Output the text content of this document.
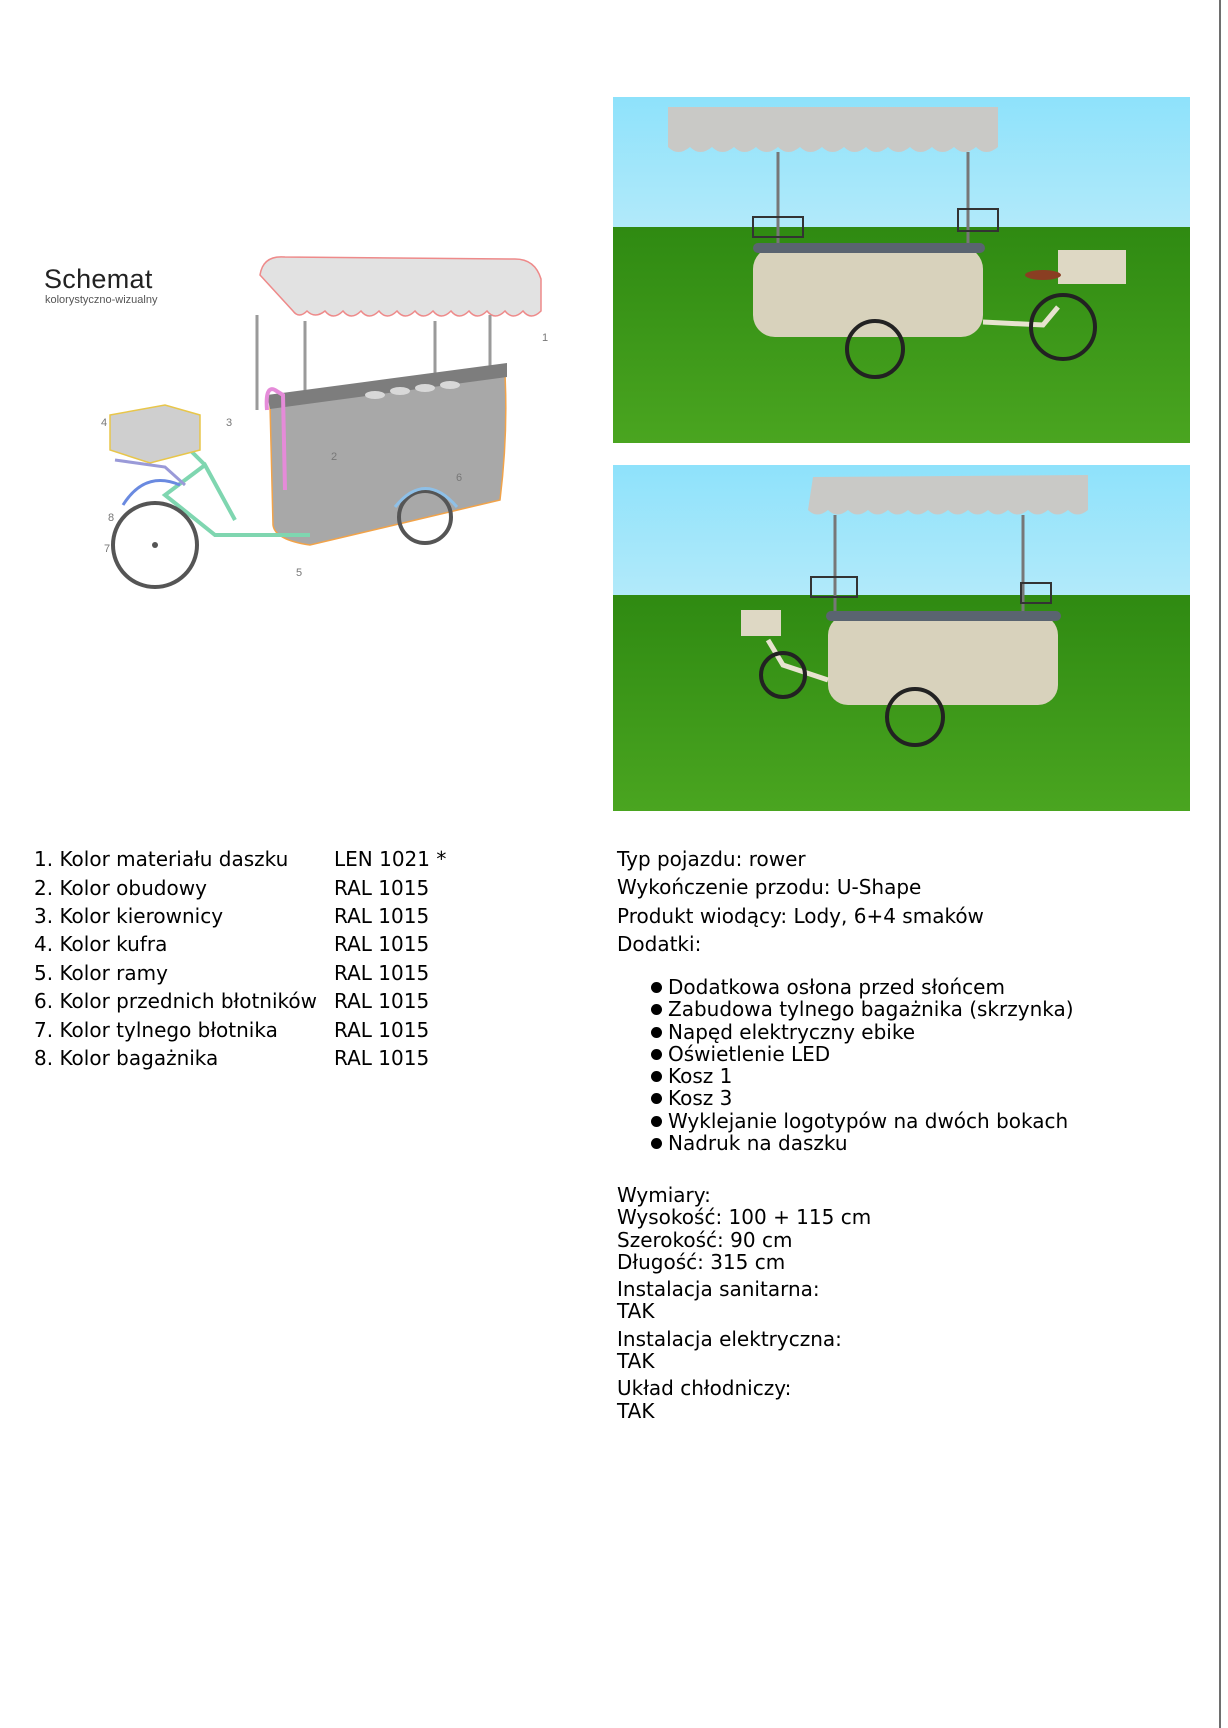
Schemat
kolorystyczno-wizualny
1
2
3
4
5
6
7
8
1. Kolor materiału daszku	LEN 1021 *
2. Kolor obudowy	RAL 1015
3. Kolor kierownicy	RAL 1015
4. Kolor kufra	RAL 1015
5. Kolor ramy	RAL 1015
6. Kolor przednich błotników	RAL 1015
7. Kolor tylnego błotnika	RAL 1015
8. Kolor bagażnika	RAL 1015
Typ pojazdu: rower
Wykończenie przodu: U-Shape
Produkt wiodący: Lody, 6+4 smaków
Dodatki:
Dodatkowa osłona przed słońcem
Zabudowa tylnego bagażnika (skrzynka)
Napęd elektryczny ebike
Oświetlenie LED
Kosz 1
Kosz 3
Wyklejanie logotypów na dwóch bokach
Nadruk na daszku
Wymiary:
Wysokość: 100 + 115 cm
Szerokość: 90 cm
Długość: 315 cm
Instalacja sanitarna:
TAK
Instalacja elektryczna:
TAK
Układ chłodniczy:
TAK
